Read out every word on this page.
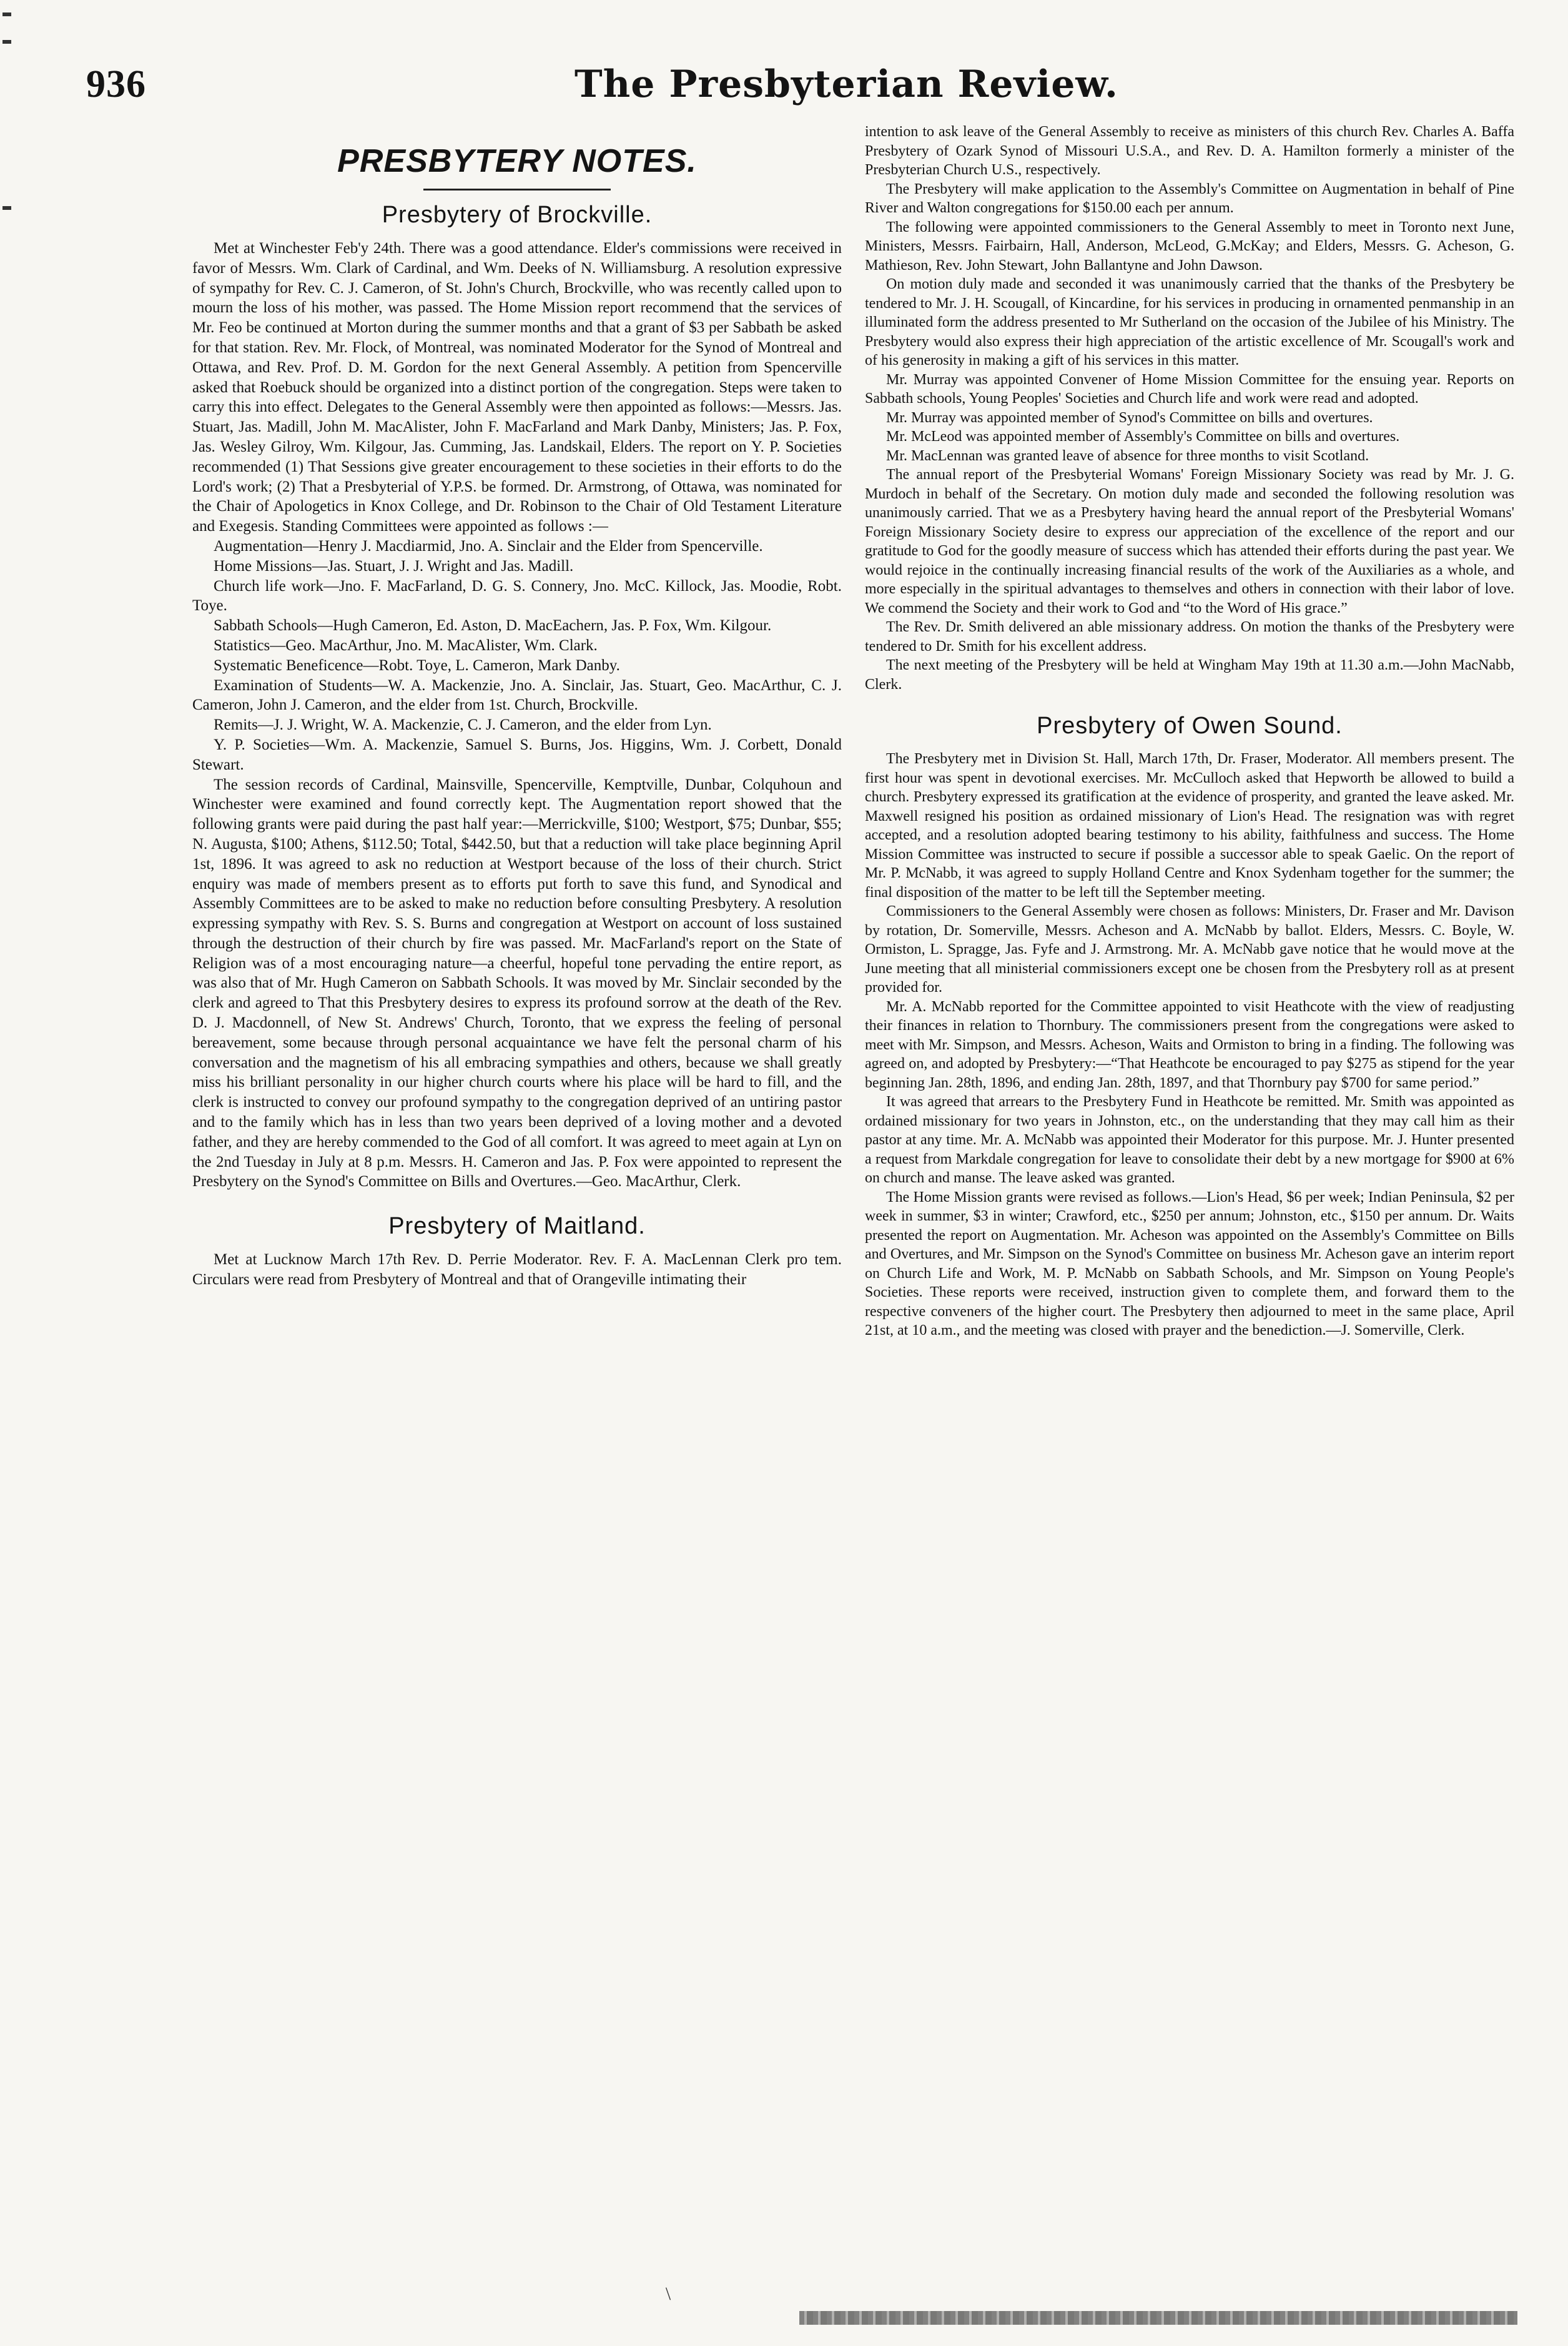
936	The Presbyterian Review.
PRESBYTERY NOTES.
Presbytery of Brockville.

Met at Winchester Feb'y 24th. There was a good attendance. Elder's commissions were received in favor of Messrs. Wm. Clark of Cardinal, and Wm. Deeks of N. Williamsburg. A resolution expressive of sympathy for Rev. C. J. Cameron, of St. John's Church, Brockville, who was recently called upon to mourn the loss of his mother, was passed. The Home Mission report recommend that the services of Mr. Feo be continued at Morton during the summer months and that a grant of $3 per Sabbath be asked for that station. Rev. Mr. Flock, of Montreal, was nominated Moderator for the Synod of Montreal and Ottawa, and Rev. Prof. D. M. Gordon for the next General Assembly. A petition from Spencerville asked that Roebuck should be organized into a distinct portion of the congregation. Steps were taken to carry this into effect. Delegates to the General Assembly were then appointed as follows:—Messrs. Jas. Stuart, Jas. Madill, John M. MacAlister, John F. MacFarland and Mark Danby, Ministers; Jas. P. Fox, Jas. Wesley Gilroy, Wm. Kilgour, Jas. Cumming, Jas. Landskail, Elders. The report on Y. P. Societies recommended (1) That Sessions give greater encouragement to these societies in their efforts to do the Lord's work; (2) That a Presbyterial of Y.P.S. be formed. Dr. Armstrong, of Ottawa, was nominated for the Chair of Apologetics in Knox College, and Dr. Robinson to the Chair of Old Testament Literature and Exegesis. Standing Committees were appointed as follows :—

Augmentation—Henry J. Macdiarmid, Jno. A. Sinclair and the Elder from Spencerville.

Home Missions—Jas. Stuart, J. J. Wright and Jas. Madill.

Church life work—Jno. F. MacFarland, D. G. S. Connery, Jno. McC. Killock, Jas. Moodie, Robt. Toye.

Sabbath Schools—Hugh Cameron, Ed. Aston, D. MacEachern, Jas. P. Fox, Wm. Kilgour.

Statistics—Geo. MacArthur, Jno. M. MacAlister, Wm. Clark.

Systematic Beneficence—Robt. Toye, L. Cameron, Mark Danby.

Examination of Students—W. A. Mackenzie, Jno. A. Sinclair, Jas. Stuart, Geo. MacArthur, C. J. Cameron, John J. Cameron, and the elder from 1st. Church, Brockville.

Remits—J. J. Wright, W. A. Mackenzie, C. J. Cameron, and the elder from Lyn.

Y. P. Societies—Wm. A. Mackenzie, Samuel S. Burns, Jos. Higgins, Wm. J. Corbett, Donald Stewart.

The session records of Cardinal, Mainsville, Spencerville, Kemptville, Dunbar, Colquhoun and Winchester were examined and found correctly kept. The Augmentation report showed that the following grants were paid during the past half year:—Merrickville, $100; Westport, $75; Dunbar, $55; N. Augusta, $100; Athens, $112.50; Total, $442.50, but that a reduction will take place beginning April 1st, 1896. It was agreed to ask no reduction at Westport because of the loss of their church. Strict enquiry was made of members present as to efforts put forth to save this fund, and Synodical and Assembly Committees are to be asked to make no reduction before consulting Presbytery. A resolution expressing sympathy with Rev. S. S. Burns and congregation at Westport on account of loss sustained through the destruction of their church by fire was passed. Mr. MacFarland's report on the State of Religion was of a most encouraging nature—a cheerful, hopeful tone pervading the entire report, as was also that of Mr. Hugh Cameron on Sabbath Schools. It was moved by Mr. Sinclair seconded by the clerk and agreed to That this Presbytery desires to express its profound sorrow at the death of the Rev. D. J. Macdonnell, of New St. Andrews' Church, Toronto, that we express the feeling of personal bereavement, some because through personal acquaintance we have felt the personal charm of his conversation and the magnetism of his all embracing sympathies and others, because we shall greatly miss his brilliant personality in our higher church courts where his place will be hard to fill, and the clerk is instructed to convey our profound sympathy to the congregation deprived of an untiring pastor and to the family which has in less than two years been deprived of a loving mother and a devoted father, and they are hereby commended to the God of all comfort. It was agreed to meet again at Lyn on the 2nd Tuesday in July at 8 p.m. Messrs. H. Cameron and Jas. P. Fox were appointed to represent the Presbytery on the Synod's Committee on Bills and Overtures.—Geo. MacArthur, Clerk.

Presbytery of Maitland.

Met at Lucknow March 17th Rev. D. Perrie Moderator. Rev. F. A. MacLennan Clerk pro tem. Circulars were read from Presbytery of Montreal and that of Orangeville intimating their

intention to ask leave of the General Assembly to receive as ministers of this church Rev. Charles A. Baffa Presbytery of Ozark Synod of Missouri U.S.A., and Rev. D. A. Hamilton formerly a minister of the Presbyterian Church U.S., respectively.

The Presbytery will make application to the Assembly's Committee on Augmentation in behalf of Pine River and Walton congregations for $150.00 each per annum.

The following were appointed commissioners to the General Assembly to meet in Toronto next June, Ministers, Messrs. Fairbairn, Hall, Anderson, McLeod, G.McKay; and Elders, Messrs. G. Acheson, G. Mathieson, Rev. John Stewart, John Ballantyne and John Dawson.

On motion duly made and seconded it was unanimously carried that the thanks of the Presbytery be tendered to Mr. J. H. Scougall, of Kincardine, for his services in producing in ornamented penmanship in an illuminated form the address presented to Mr Sutherland on the occasion of the Jubilee of his Ministry. The Presbytery would also express their high appreciation of the artistic excellence of Mr. Scougall's work and of his generosity in making a gift of his services in this matter.

Mr. Murray was appointed Convener of Home Mission Committee for the ensuing year. Reports on Sabbath schools, Young Peoples' Societies and Church life and work were read and adopted.

Mr. Murray was appointed member of Synod's Committee on bills and overtures.

Mr. McLeod was appointed member of Assembly's Committee on bills and overtures.

Mr. MacLennan was granted leave of absence for three months to visit Scotland.

The annual report of the Presbyterial Womans' Foreign Missionary Society was read by Mr. J. G. Murdoch in behalf of the Secretary. On motion duly made and seconded the following resolution was unanimously carried. That we as a Presbytery having heard the annual report of the Presbyterial Womans' Foreign Missionary Society desire to express our appreciation of the excellence of the report and our gratitude to God for the goodly measure of success which has attended their efforts during the past year. We would rejoice in the continually increasing financial results of the work of the Auxiliaries as a whole, and more especially in the spiritual advantages to themselves and others in connection with their labor of love. We commend the Society and their work to God and “to the Word of His grace.”

The Rev. Dr. Smith delivered an able missionary address. On motion the thanks of the Presbytery were tendered to Dr. Smith for his excellent address.

The next meeting of the Presbytery will be held at Wingham May 19th at 11.30 a.m.—John MacNabb, Clerk.

Presbytery of Owen Sound.

The Presbytery met in Division St. Hall, March 17th, Dr. Fraser, Moderator. All members present. The first hour was spent in devotional exercises. Mr. McCulloch asked that Hepworth be allowed to build a church. Presbytery expressed its gratification at the evidence of prosperity, and granted the leave asked. Mr. Maxwell resigned his position as ordained missionary of Lion's Head. The resignation was with regret accepted, and a resolution adopted bearing testimony to his ability, faithfulness and success. The Home Mission Committee was instructed to secure if possible a successor able to speak Gaelic. On the report of Mr. P. McNabb, it was agreed to supply Holland Centre and Knox Sydenham together for the summer; the final disposition of the matter to be left till the September meeting.

Commissioners to the General Assembly were chosen as follows: Ministers, Dr. Fraser and Mr. Davison by rotation, Dr. Somerville, Messrs. Acheson and A. McNabb by ballot. Elders, Messrs. C. Boyle, W. Ormiston, L. Spragge, Jas. Fyfe and J. Armstrong. Mr. A. McNabb gave notice that he would move at the June meeting that all ministerial commissioners except one be chosen from the Presbytery roll as at present provided for.

Mr. A. McNabb reported for the Committee appointed to visit Heathcote with the view of readjusting their finances in relation to Thornbury. The commissioners present from the congregations were asked to meet with Mr. Simpson, and Messrs. Acheson, Waits and Ormiston to bring in a finding. The following was agreed on, and adopted by Presbytery:—“That Heathcote be encouraged to pay $275 as stipend for the year beginning Jan. 28th, 1896, and ending Jan. 28th, 1897, and that Thornbury pay $700 for same period.”

It was agreed that arrears to the Presbytery Fund in Heathcote be remitted. Mr. Smith was appointed as ordained missionary for two years in Johnston, etc., on the understanding that they may call him as their pastor at any time. Mr. A. McNabb was appointed their Moderator for this purpose. Mr. J. Hunter presented a request from Markdale congregation for leave to consolidate their debt by a new mortgage for $900 at 6% on church and manse. The leave asked was granted.

The Home Mission grants were revised as follows.—Lion's Head, $6 per week; Indian Peninsula, $2 per week in summer, $3 in winter; Crawford, etc., $250 per annum; Johnston, etc., $150 per annum. Dr. Waits presented the report on Augmentation. Mr. Acheson was appointed on the Assembly's Committee on Bills and Overtures, and Mr. Simpson on the Synod's Committee on business Mr. Acheson gave an interim report on Church Life and Work, M. P. McNabb on Sabbath Schools, and Mr. Simpson on Young People's Societies. These reports were received, instruction given to complete them, and forward them to the respective conveners of the higher court. The Presbytery then adjourned to meet in the same place, April 21st, at 10 a.m., and the meeting was closed with prayer and the benediction.—J. Somerville, Clerk.

\
